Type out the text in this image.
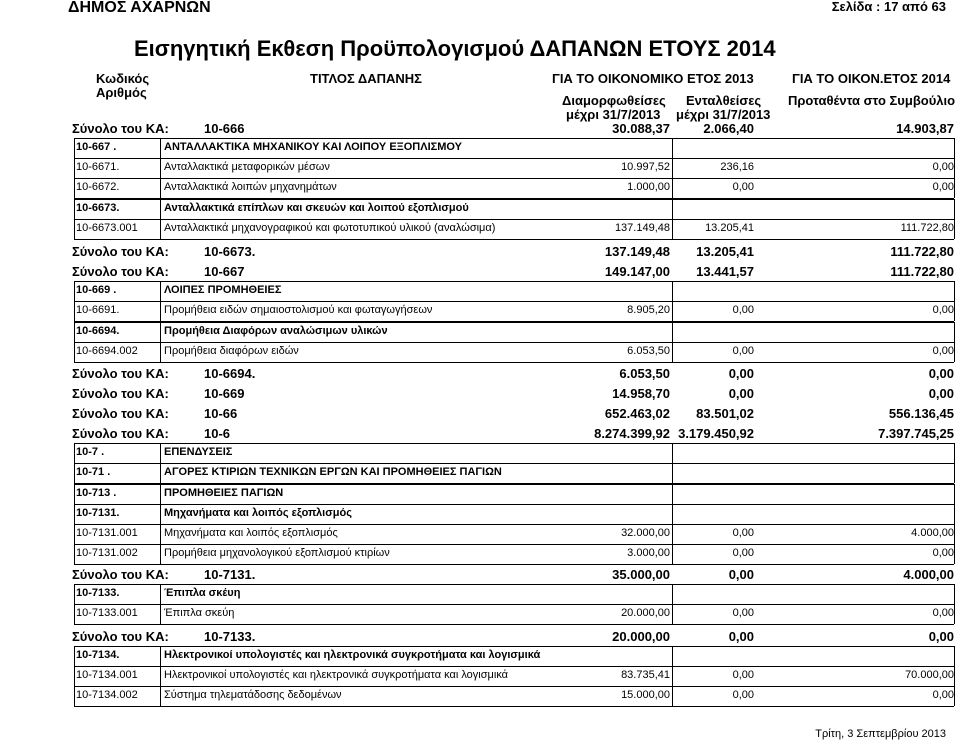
ΔΗΜΟΣ ΑΧΑΡΝΩΝ	Σελίδα : 17 από 63
Εισηγητική Εκθεση Προϋπολογισμού ΔΑΠΑΝΩΝ ΕΤΟΥΣ 2014
Κωδικός
Αριθμός
ΤΙΤΛΟΣ ΔΑΠΑΝΗΣ	ΓΙΑ ΤΟ ΟΙΚΟΝΟΜΙΚΟ ΕΤΟΣ 2013
Διαμορφωθείσες
μέχρι 31/7/2013
Ενταλθείσες
μέχρι 31/7/2013
ΓΙΑ ΤΟ ΟΙΚΟΝ.ΕΤΟΣ 2014
Προταθέντα στο Συμβούλιο
Σύνολο του ΚΑ:	10-666	30.088,37	2.066,40	14.903,87
10-667 .	ΑΝΤΑΛΛΑΚΤΙΚΑ ΜΗΧΑΝΙΚΟΥ ΚΑΙ ΛΟΙΠΟΥ ΕΞΟΠΛΙΣΜΟΥ
10-6671.	Ανταλλακτικά μεταφορικών μέσων	10.997,52	236,16	0,00
10-6672.	Ανταλλακτικά λοιπών μηχανημάτων	1.000,00	0,00	0,00
10-6673.	Ανταλλακτικά επίπλων και σκευών και λοιπού εξοπλισμού
10-6673.001 Ανταλλακτικά μηχανογραφικού και φωτοτυπικού υλικού (αναλώσιμα)	137.149,48	13.205,41	111.722,80
Σύνολο του ΚΑ:	10-6673.	137.149,48 13.205,41	111.722,80
Σύνολο του ΚΑ:	10-667	149.147,00 13.441,57	111.722,80
10-669 .	ΛΟΙΠΕΣ ΠΡΟΜΗΘΕΙΕΣ
10-6691.	Προμήθεια ειδών σημαιοστολισμού και φωταγωγήσεων	8.905,20	0,00	0,00
10-6694.	Προμήθεια Διαφόρων αναλώσιμων υλικών
10-6694.002 Προμήθεια διαφόρων ειδών	6.053,50	0,00	0,00
Σύνολο του ΚΑ:	10-6694.	6.053,50	0,00	0,00
Σύνολο του ΚΑ:	10-669	14.958,70	0,00	0,00
Σύνολο του ΚΑ:	10-66	652.463,02 83.501,02	556.136,45
Σύνολο του ΚΑ:	10-6	8.274.399,92 3.179.450,92	7.397.745,25
10-7 .	ΕΠΕΝΔΥΣΕΙΣ
10-71 .	ΑΓΟΡΕΣ ΚΤΙΡΙΩΝ ΤΕΧΝΙΚΩΝ ΕΡΓΩΝ ΚΑΙ ΠΡΟΜΗΘΕΙΕΣ ΠΑΓΙΩΝ
10-713 .	ΠΡΟΜΗΘΕΙΕΣ ΠΑΓΙΩΝ
10-7131.	Μηχανήματα και λοιπός εξοπλισμός
10-7131.001 Μηχανήματα και λοιπός εξοπλισμός	32.000,00	0,00	4.000,00
10-7131.002 Προμήθεια μηχανολογικού εξοπλισμού κτιρίων	3.000,00	0,00	0,00
Σύνολο του ΚΑ:	10-7131.	35.000,00	0,00	4.000,00
10-7133.	Έπιπλα σκέυη
10-7133.001 Έπιπλα σκεύη	20.000,00	0,00	0,00
Σύνολο του ΚΑ:	10-7133.	20.000,00	0,00	0,00
10-7134.	Ηλεκτρονικοί υπολογιστές και ηλεκτρονικά συγκροτήματα και λογισμικά
10-7134.001 Ηλεκτρονικοί υπολογιστές και ηλεκτρονικά συγκροτήματα και λογισμικά	83.735,41	0,00	70.000,00
10-7134.002 Σύστημα τηλεματάδοσης δεδομένων	15.000,00	0,00	0,00
Τρίτη, 3 Σεπτεμβρίου 2013
